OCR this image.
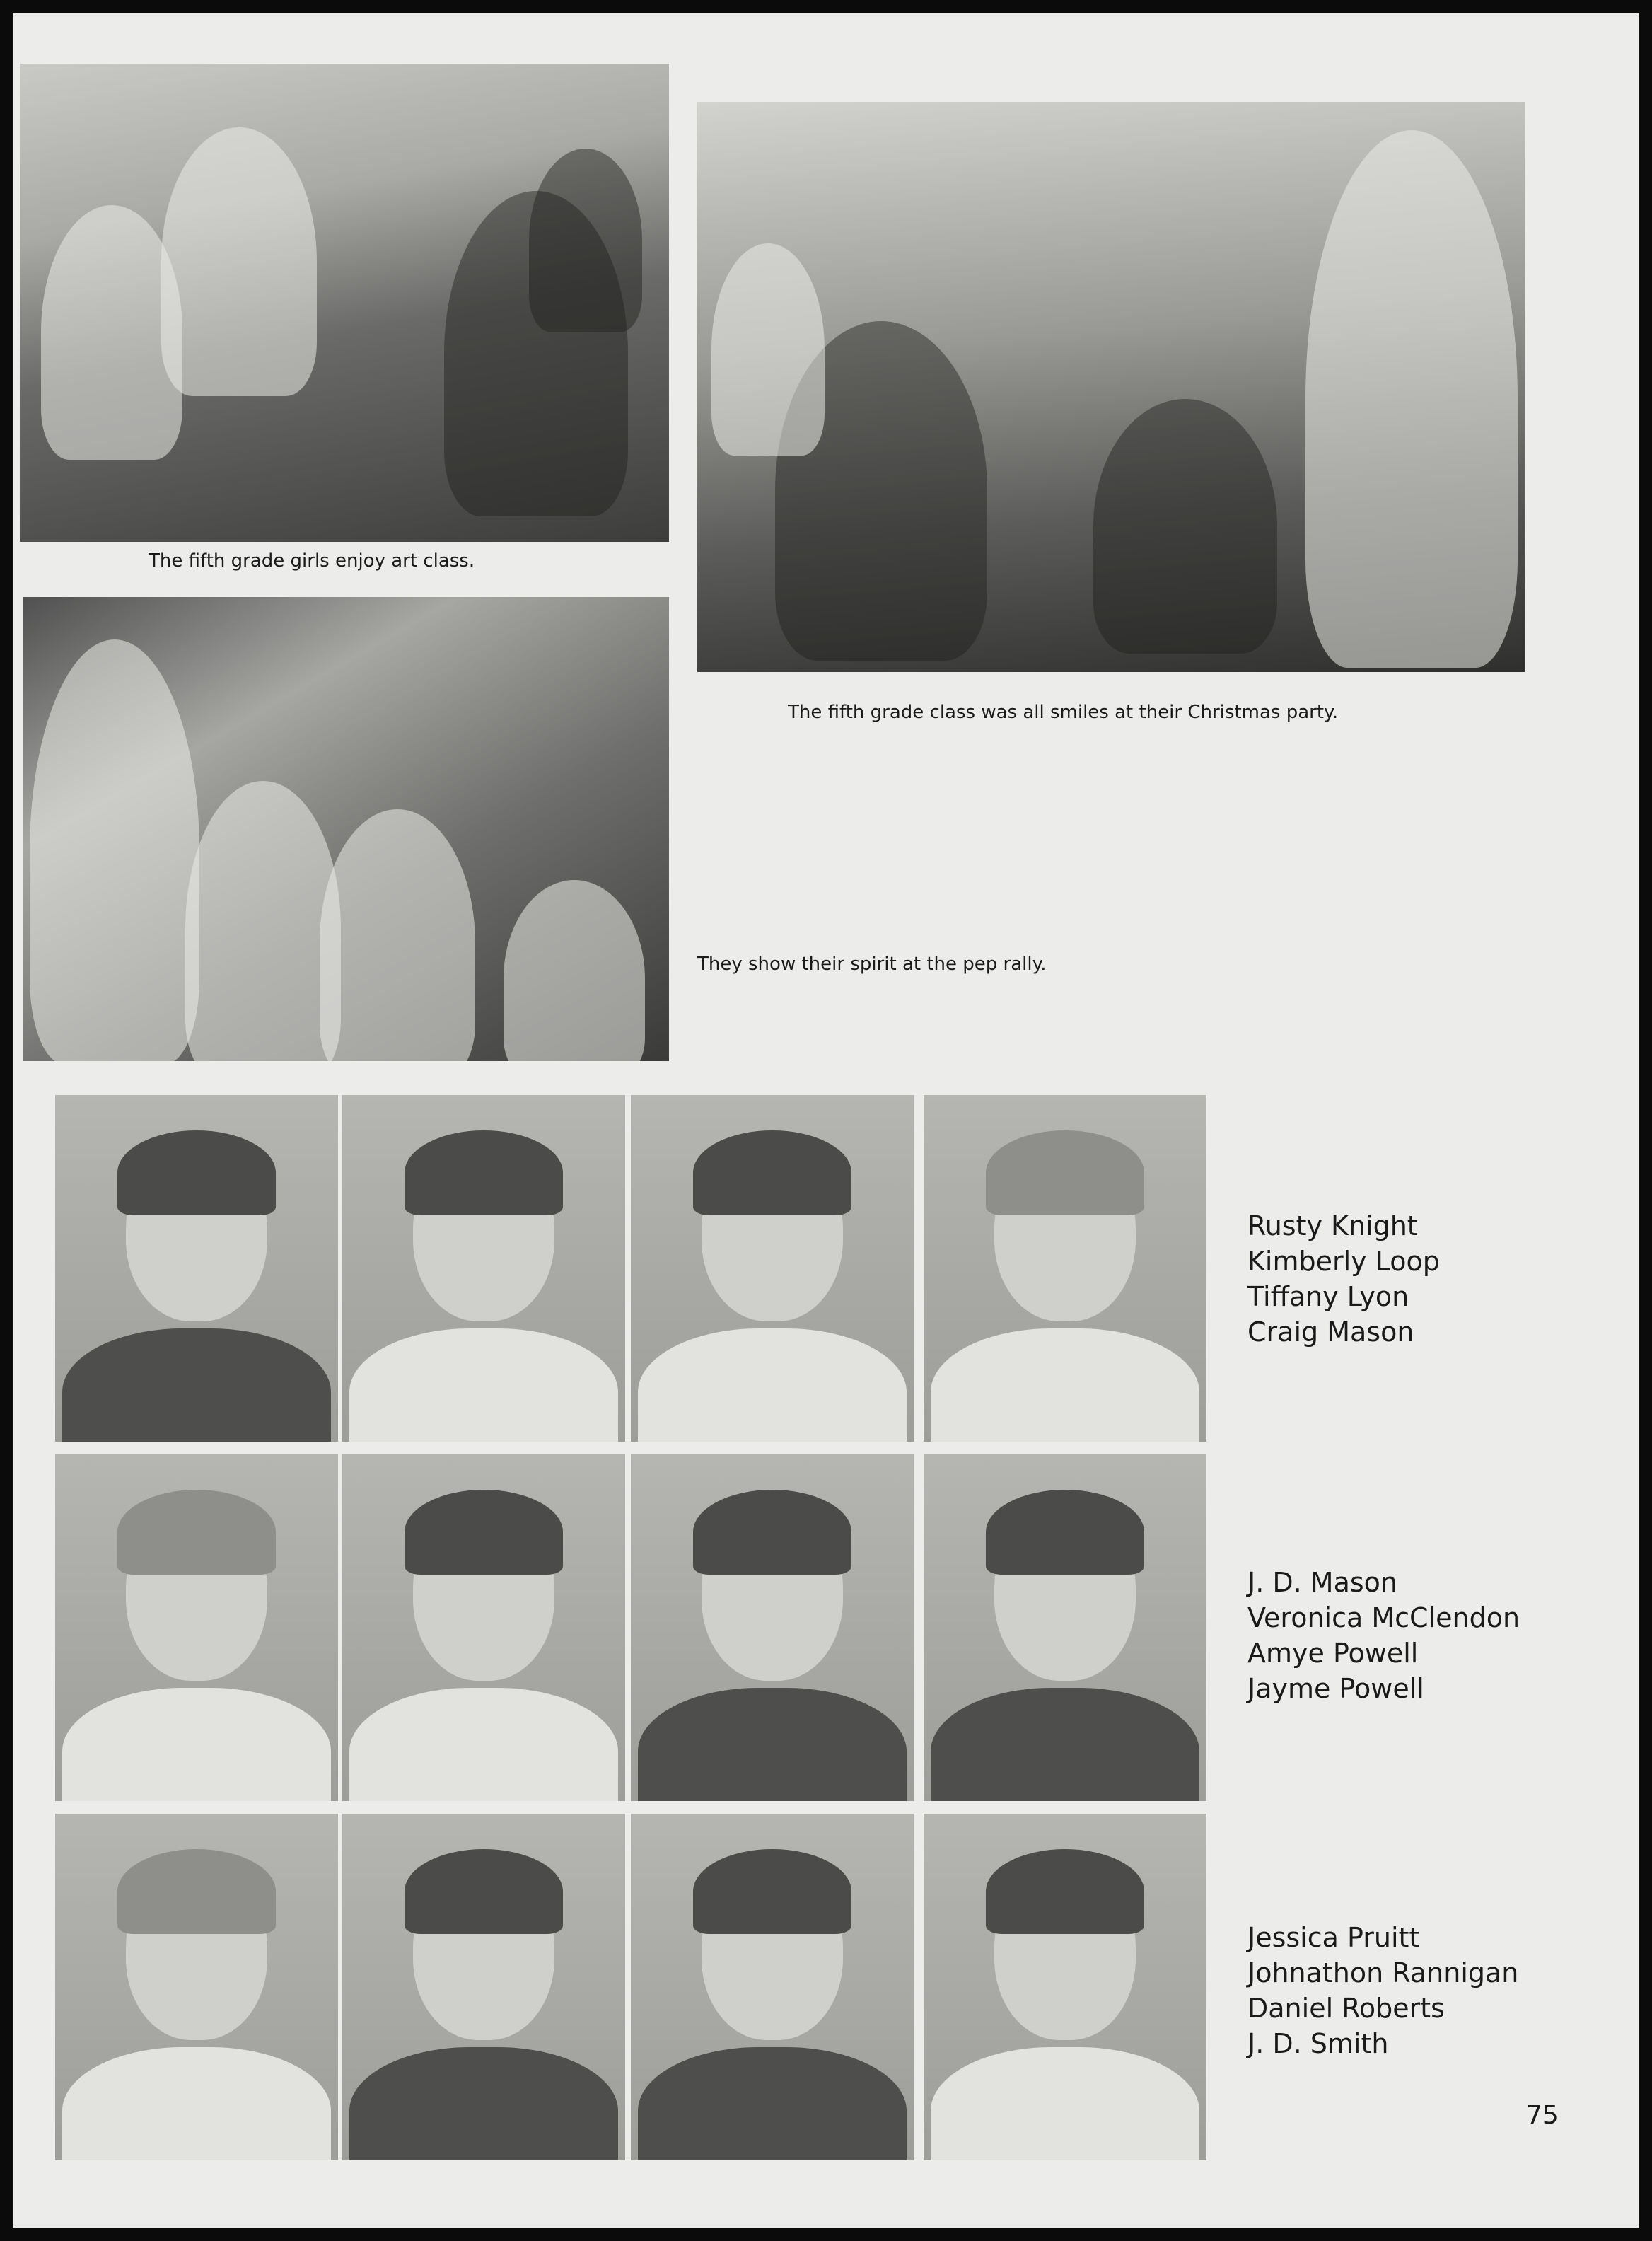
The fifth grade girls enjoy art class.
The fifth grade class was all smiles at their Christmas party.
They show their spirit at the pep rally.
Rusty Knight
Kimberly Loop
Tiffany Lyon
Craig Mason
J. D. Mason
Veronica McClendon
Amye Powell
Jayme Powell
Jessica Pruitt
Johnathon Rannigan
Daniel Roberts
J. D. Smith
75
